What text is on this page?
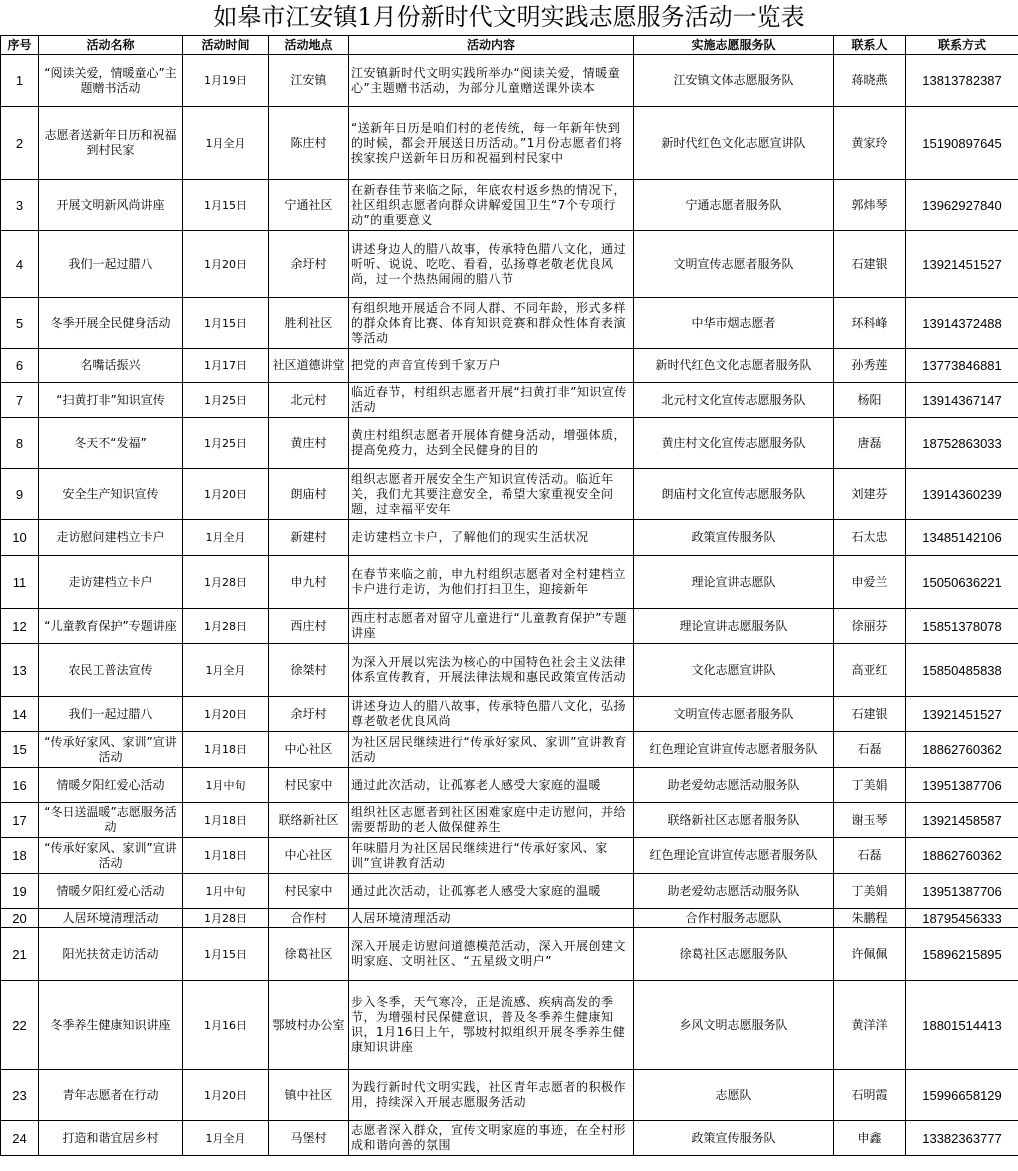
如皋市江安镇1月份新时代文明实践志愿服务活动一览表
序号	活动名称	活动时间	活动地点	活动内容	实施志愿服务队	联系人	联系方式
1	“阅读关爱，情暖童心”主题赠书活动	1月19日	江安镇	江安镇新时代文明实践所举办“阅读关爱，情暖童心”主题赠书活动，为部分儿童赠送课外读本	江安镇文体志愿服务队	蒋晓燕	13813782387
2	志愿者送新年日历和祝福到村民家	1月全月	陈庄村	“送新年日历是咱们村的老传统，每一年新年快到的时候，都会开展送日历活动。”1月份志愿者们将挨家挨户送新年日历和祝福到村民家中	新时代红色文化志愿宣讲队	黄家玲	15190897645
3	开展文明新风尚讲座	1月15日	宁通社区	在新春佳节来临之际，年底农村返乡热的情况下，社区组织志愿者向群众讲解爱国卫生“7个专项行动”的重要意义	宁通志愿者服务队	郭炜琴	13962927840
4	我们一起过腊八	1月20日	余圩村	讲述身边人的腊八故事，传承特色腊八文化，通过听听、说说、吃吃、看看，弘扬尊老敬老优良风尚，过一个热热闹闹的腊八节	文明宣传志愿者服务队	石建银	13921451527
5	冬季开展全民健身活动	1月15日	胜利社区	有组织地开展适合不同人群、不同年龄，形式多样的群众体育比赛、体育知识竞赛和群众性体育表演等活动	中华市烟志愿者	环科峰	13914372488
6	名嘴话振兴	1月17日	社区道德讲堂	把党的声音宣传到千家万户	新时代红色文化志愿者服务队	孙秀莲	13773846881
7	“扫黄打非”知识宣传	1月25日	北元村	临近春节，村组织志愿者开展“扫黄打非”知识宣传活动	北元村文化宣传志愿服务队	杨阳	13914367147
8	冬天不“发福”	1月25日	黄庄村	黄庄村组织志愿者开展体育健身活动，增强体质，提高免疫力，达到全民健身的目的	黄庄村文化宣传志愿服务队	唐磊	18752863033
9	安全生产知识宣传	1月20日	朗庙村	组织志愿者开展安全生产知识宣传活动。临近年关，我们尤其要注意安全，希望大家重视安全问题，过幸福平安年	朗庙村文化宣传志愿服务队	刘建芬	13914360239
10	走访慰问建档立卡户	1月全月	新建村	走访建档立卡户，了解他们的现实生活状况	政策宣传服务队	石太忠	13485142106
11	走访建档立卡户	1月28日	申九村	在春节来临之前，申九村组织志愿者对全村建档立卡户进行走访，为他们打扫卫生，迎接新年	理论宣讲志愿队	申爱兰	15050636221
12	“儿童教育保护”专题讲座	1月28日	西庄村	西庄村志愿者对留守儿童进行“儿童教育保护”专题讲座	理论宣讲志愿服务队	徐丽芬	15851378078
13	农民工普法宣传	1月全月	徐桀村	为深入开展以宪法为核心的中国特色社会主义法律体系宣传教育，开展法律法规和惠民政策宣传活动	文化志愿宣讲队	高亚红	15850485838
14	我们一起过腊八	1月20日	余圩村	讲述身边人的腊八故事，传承特色腊八文化，弘扬尊老敬老优良风尚	文明宣传志愿者服务队	石建银	13921451527
15	“传承好家风、家训”宣讲活动	1月18日	中心社区	为社区居民继续进行“传承好家风、家训”宣讲教育活动	红色理论宣讲宣传志愿者服务队	石磊	18862760362
16	情暖夕阳红爱心活动	1月中旬	村民家中	通过此次活动，让孤寡老人感受大家庭的温暖	助老爱幼志愿活动服务队	丁美娟	13951387706
17	“冬日送温暖”志愿服务活动	1月18日	联络新社区	组织社区志愿者到社区困难家庭中走访慰问，并给需要帮助的老人做保健养生	联络新社区志愿者服务队	谢玉琴	13921458587
18	“传承好家风、家训”宣讲活动	1月18日	中心社区	年味腊月为社区居民继续进行“传承好家风、家训”宣讲教育活动	红色理论宣讲宣传志愿者服务队	石磊	18862760362
19	情暖夕阳红爱心活动	1月中旬	村民家中	通过此次活动，让孤寡老人感受大家庭的温暖	助老爱幼志愿活动服务队	丁美娟	13951387706
20	人居环境清理活动	1月28日	合作村	人居环境清理活动	合作村服务志愿队	朱鹏程	18795456333
21	阳光扶贫走访活动	1月15日	徐葛社区	深入开展走访慰问道德模范活动，深入开展创建文明家庭、文明社区、“五星级文明户”	徐葛社区志愿服务队	许佩佩	15896215895
22	冬季养生健康知识讲座	1月16日	鄂坡村办公室	步入冬季，天气寒冷，正是流感、疾病高发的季节，为增强村民保健意识，普及冬季养生健康知识，1月16日上午，鄂坡村拟组织开展冬季养生健康知识讲座	乡风文明志愿服务队	黄洋洋	18801514413
23	青年志愿者在行动	1月20日	镇中社区	为践行新时代文明实践，社区青年志愿者的积极作用，持续深入开展志愿服务活动	志愿队	石明霞	15996658129
24	打造和谐宜居乡村	1月全月	马堡村	志愿者深入群众，宣传文明家庭的事迹，在全村形成和谐向善的氛围	政策宣传服务队	申鑫	13382363777
